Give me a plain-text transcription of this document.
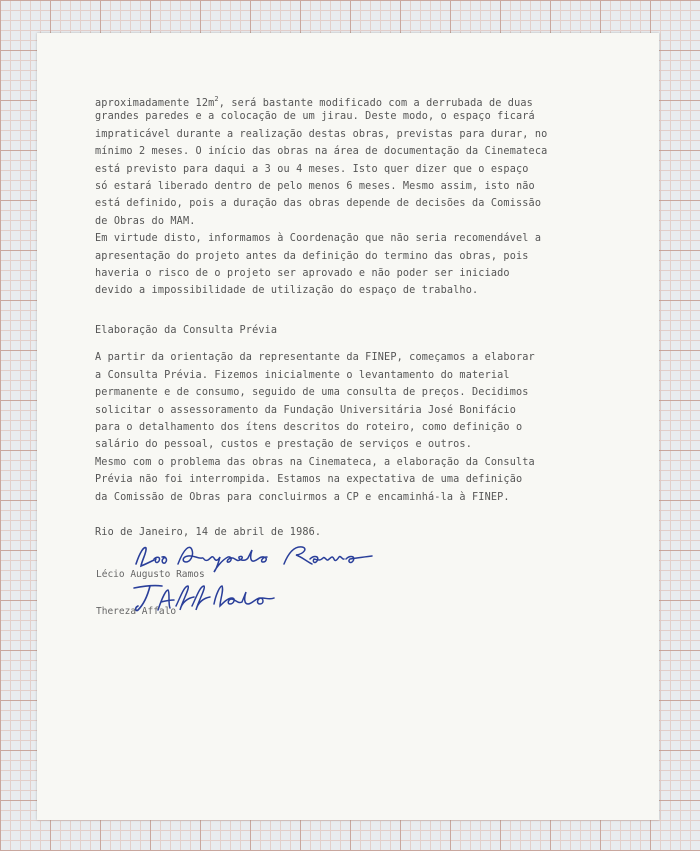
aproximadamente $12m^2$, será bastante modificado com a derrubada de duas
grandes paredes e a colocação de um jirau. Deste modo, o espaço ficará
impraticável durante a realização destas obras, previstas para durar, no
mínimo 2 meses. O início das obras na área de documentação da Cinemateca
está previsto para daqui a 3 ou 4 meses. Isto quer dizer que o espaço
só estará liberado dentro de pelo menos 6 meses. Mesmo assim, isto não
está definido, pois a duração das obras depende de decisões da Comissão
de Obras do MAM.
Em virtude disto, informamos à Coordenação que não seria recomendável a
apresentação do projeto antes da definição do termino das obras, pois
haveria o risco de o projeto ser aprovado e não poder ser iniciado
devido a impossibilidade de utilização do espaço de trabalho.
Elaboração da Consulta Prévia
A partir da orientação da representante da FINEP, começamos a elaborar
a Consulta Prévia. Fizemos inicialmente o levantamento do material
permanente e de consumo, seguido de uma consulta de preços. Decidimos
solicitar o assessoramento da Fundação Universitária José Bonifácio
para o detalhamento dos ítens descritos do roteiro, como definição o
salário do pessoal, custos e prestação de serviços e outros.
Mesmo com o problema das obras na Cinemateca, a elaboração da Consulta
Prévia não foi interrompida. Estamos na expectativa de uma definição
da Comissão de Obras para concluirmos a CP e encaminhá-la à FINEP.
Rio de Janeiro, 14 de abril de 1986.
Lécio Augusto Ramos
Thereza Affalo
